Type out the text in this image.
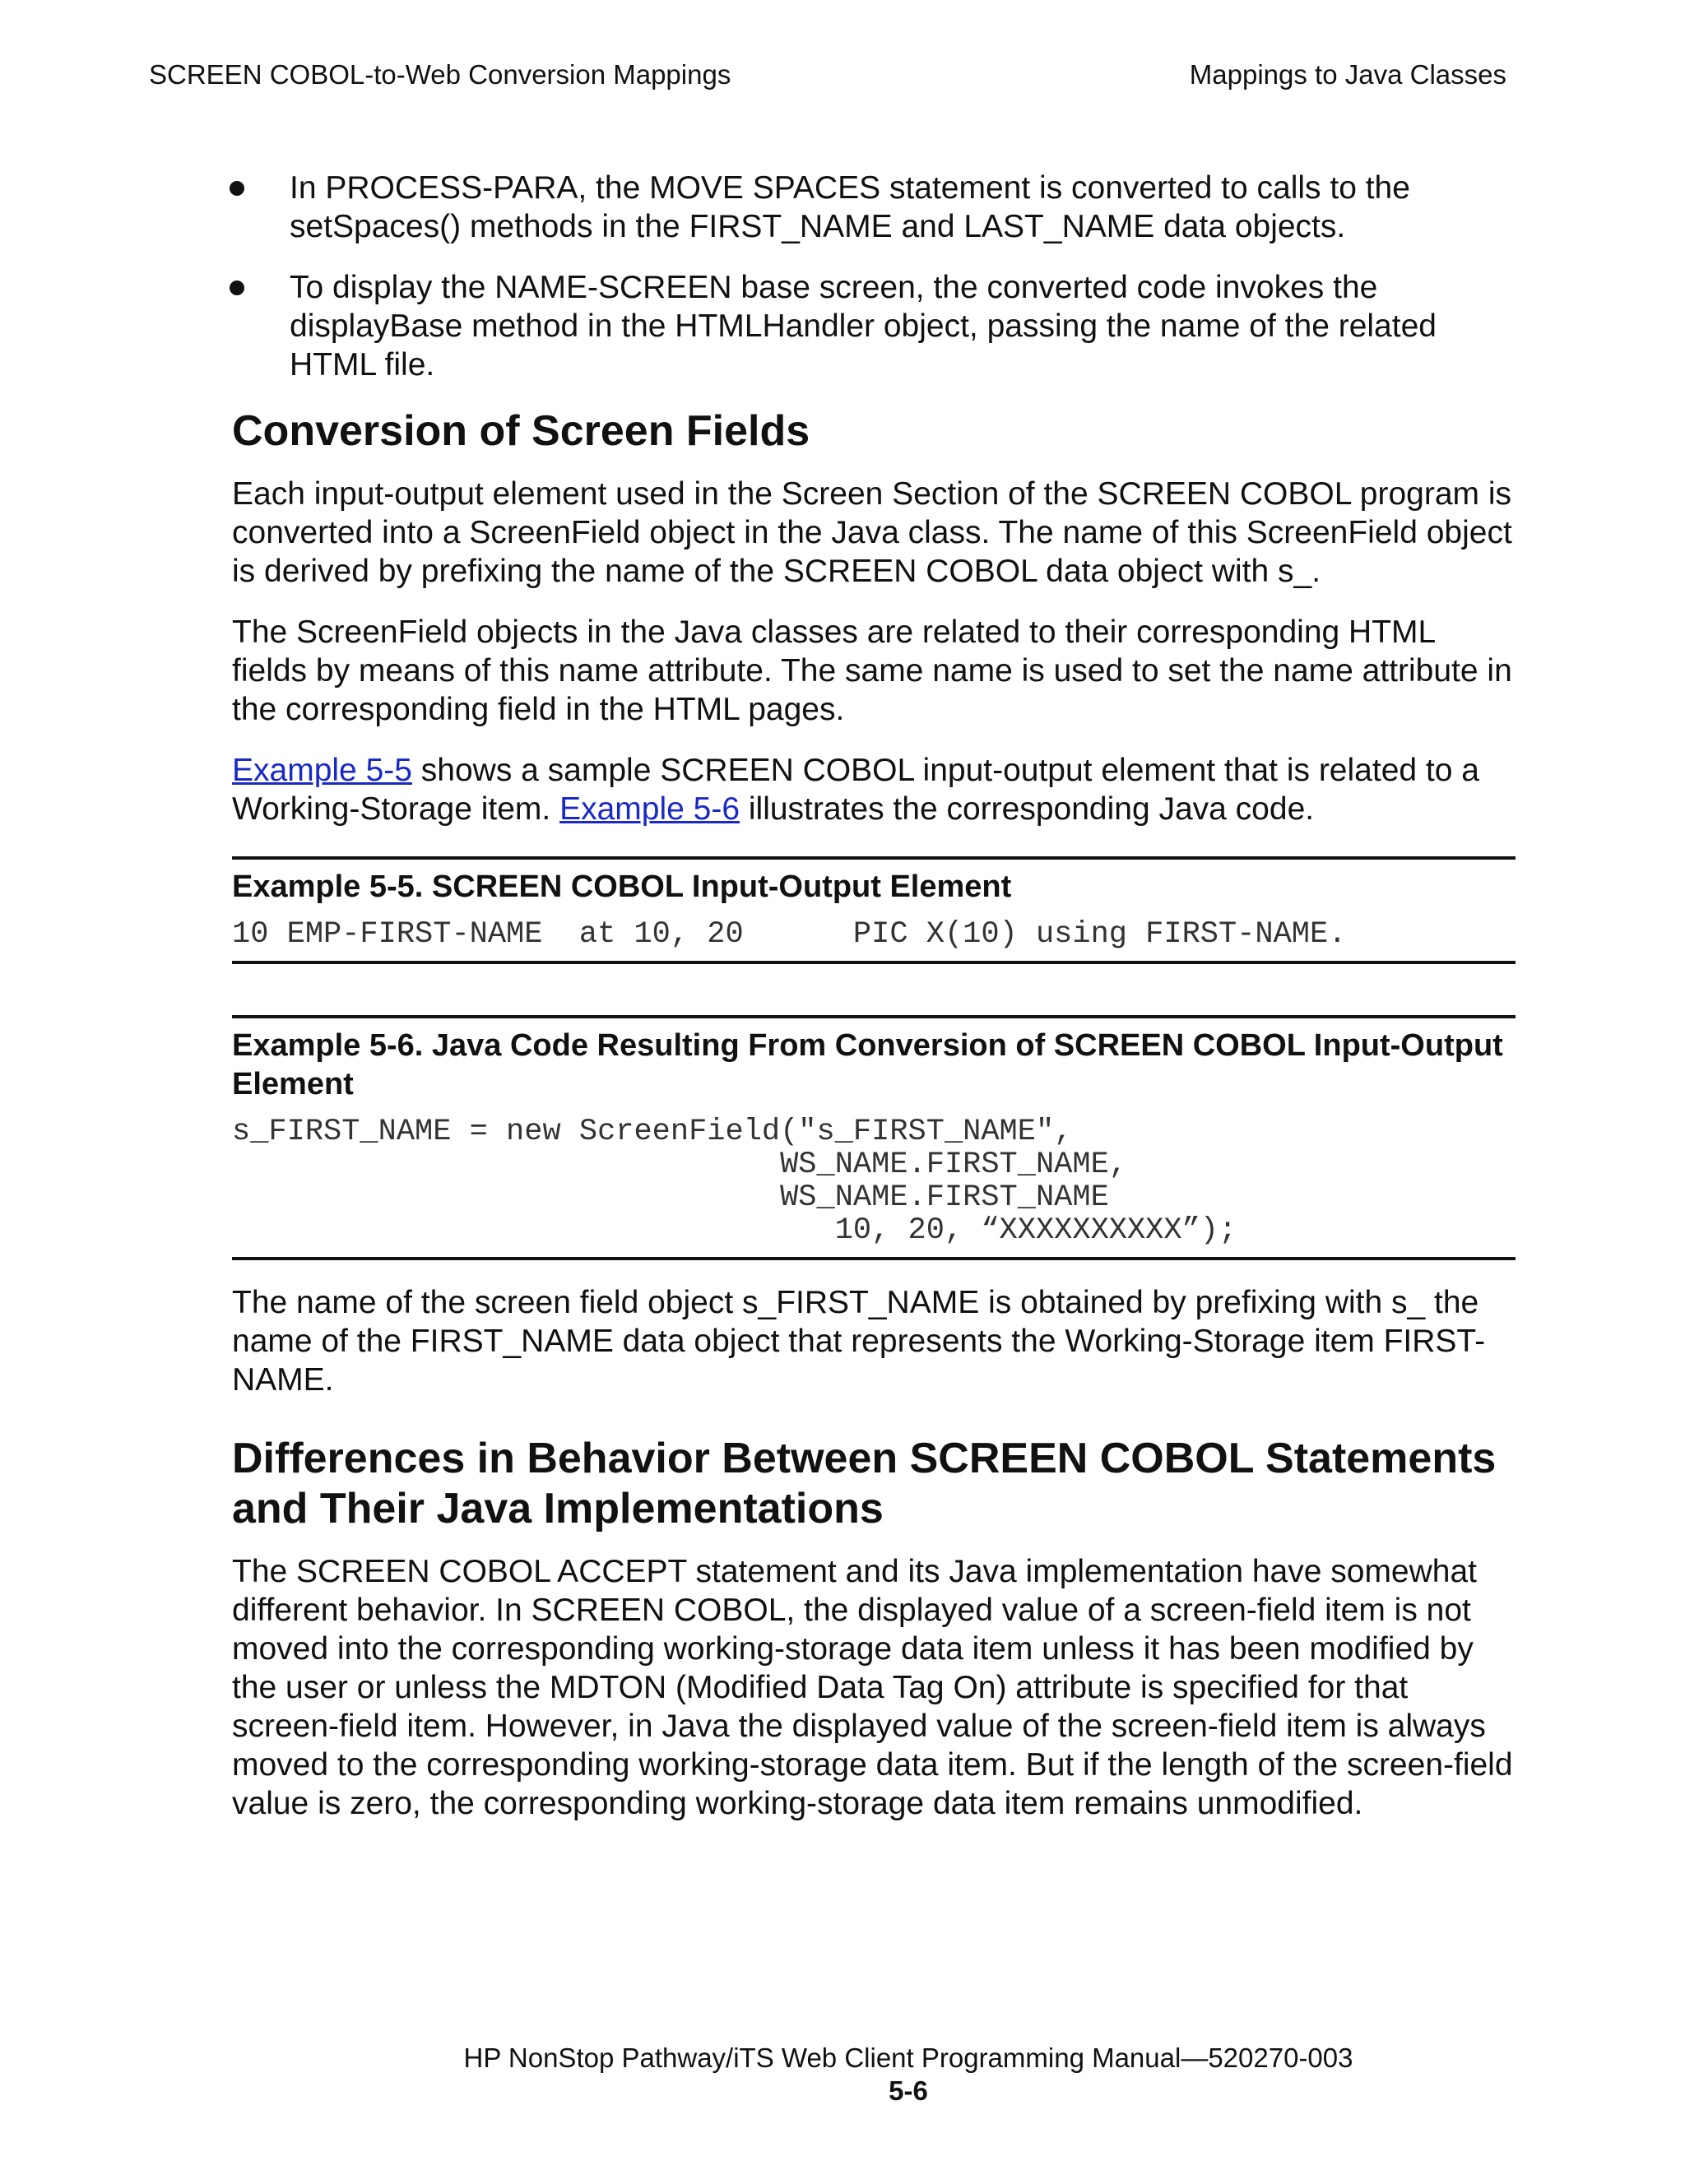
SCREEN COBOL-to-Web Conversion Mappings	Mappings to Java Classes
In PROCESS-PARA, the MOVE SPACES statement is converted to calls to the setSpaces() methods in the FIRST_NAME and LAST_NAME data objects.
To display the NAME-SCREEN base screen, the converted code invokes the displayBase method in the HTMLHandler object, passing the name of the related HTML file.
Conversion of Screen Fields

Each input-output element used in the Screen Section of the SCREEN COBOL program is converted into a ScreenField object in the Java class. The name of this ScreenField object is derived by prefixing the name of the SCREEN COBOL data object with s_.

The ScreenField objects in the Java classes are related to their corresponding HTML fields by means of this name attribute. The same name is used to set the name attribute in the corresponding field in the HTML pages.

Example 5-5 shows a sample SCREEN COBOL input-output element that is related to a Working-Storage item. Example 5-6 illustrates the corresponding Java code.

Example 5-5. SCREEN COBOL Input-Output Element
10 EMP-FIRST-NAME  at 10, 20      PIC X(10) using FIRST-NAME.
Example 5-6. Java Code Resulting From Conversion of SCREEN COBOL Input-Output Element
s_FIRST_NAME = new ScreenField("s_FIRST_NAME",
WS_NAME.FIRST_NAME,
WS_NAME.FIRST_NAME
10, 20, “XXXXXXXXXX”);

The name of the screen field object s_FIRST_NAME is obtained by prefixing with s_ the name of the FIRST_NAME data object that represents the Working-Storage item FIRST-NAME.

Differences in Behavior Between SCREEN COBOL Statements and Their Java Implementations

The SCREEN COBOL ACCEPT statement and its Java implementation have somewhat different behavior. In SCREEN COBOL, the displayed value of a screen-field item is not moved into the corresponding working-storage data item unless it has been modified by the user or unless the MDTON (Modified Data Tag On) attribute is specified for that screen-field item. However, in Java the displayed value of the screen-field item is always moved to the corresponding working-storage data item. But if the length of the screen-field value is zero, the corresponding working-storage data item remains unmodified.

HP NonStop Pathway/iTS Web Client Programming Manual—520270-003
5-6
